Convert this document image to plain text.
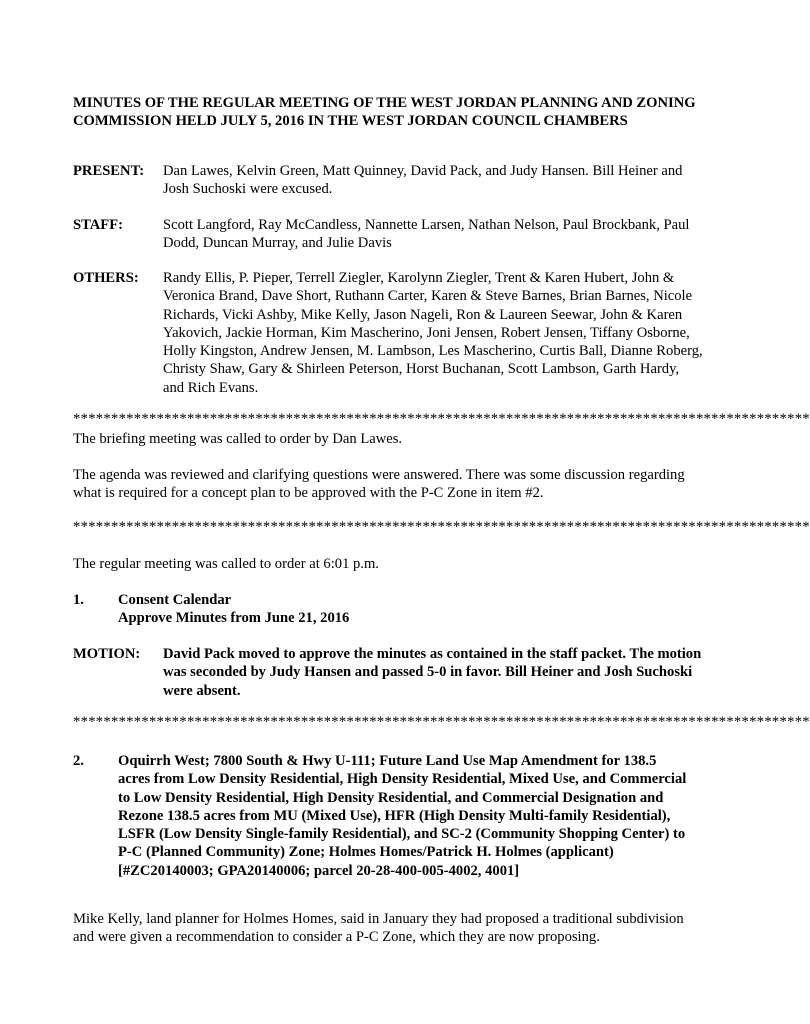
MINUTES OF THE REGULAR MEETING OF THE WEST JORDAN PLANNING AND ZONING COMMISSION HELD JULY 5, 2016 IN THE WEST JORDAN COUNCIL CHAMBERS
PRESENT: Dan Lawes, Kelvin Green, Matt Quinney, David Pack, and Judy Hansen. Bill Heiner and Josh Suchoski were excused.
STAFF:	Scott Langford, Ray McCandless, Nannette Larsen, Nathan Nelson, Paul Brockbank, Paul Dodd, Duncan Murray, and Julie Davis
OTHERS: Randy Ellis, P. Pieper, Terrell Ziegler, Karolynn Ziegler, Trent & Karen Hubert, John & Veronica Brand, Dave Short, Ruthann Carter, Karen & Steve Barnes, Brian Barnes, Nicole Richards, Vicki Ashby, Mike Kelly, Jason Nageli, Ron & Laureen Seewar, John & Karen Yakovich, Jackie Horman, Kim Mascherino, Joni Jensen, Robert Jensen, Tiffany Osborne, Holly Kingston, Andrew Jensen, M. Lambson, Les Mascherino, Curtis Ball, Dianne Roberg, Christy Shaw, Gary & Shirleen Peterson, Horst Buchanan, Scott Lambson, Garth Hardy, and Rich Evans.
*************************************************************************************************
The briefing meeting was called to order by Dan Lawes.
The agenda was reviewed and clarifying questions were answered. There was some discussion regarding what is required for a concept plan to be approved with the P-C Zone in item #2.
*************************************************************************************************
The regular meeting was called to order at 6:01 p.m.
1. Consent Calendar
Approve Minutes from June 21, 2016
MOTION: David Pack moved to approve the minutes as contained in the staff packet. The motion was seconded by Judy Hansen and passed 5-0 in favor. Bill Heiner and Josh Suchoski were absent.
*************************************************************************************************
2. Oquirrh West; 7800 South & Hwy U-111; Future Land Use Map Amendment for 138.5 acres from Low Density Residential, High Density Residential, Mixed Use, and Commercial to Low Density Residential, High Density Residential, and Commercial Designation and Rezone 138.5 acres from MU (Mixed Use), HFR (High Density Multi-family Residential), LSFR (Low Density Single-family Residential), and SC-2 (Community Shopping Center) to P-C (Planned Community) Zone; Holmes Homes/Patrick H. Holmes (applicant) [#ZC20140003; GPA20140006; parcel 20-28-400-005-4002, 4001]
Mike Kelly, land planner for Holmes Homes, said in January they had proposed a traditional subdivision and were given a recommendation to consider a P-C Zone, which they are now proposing.
